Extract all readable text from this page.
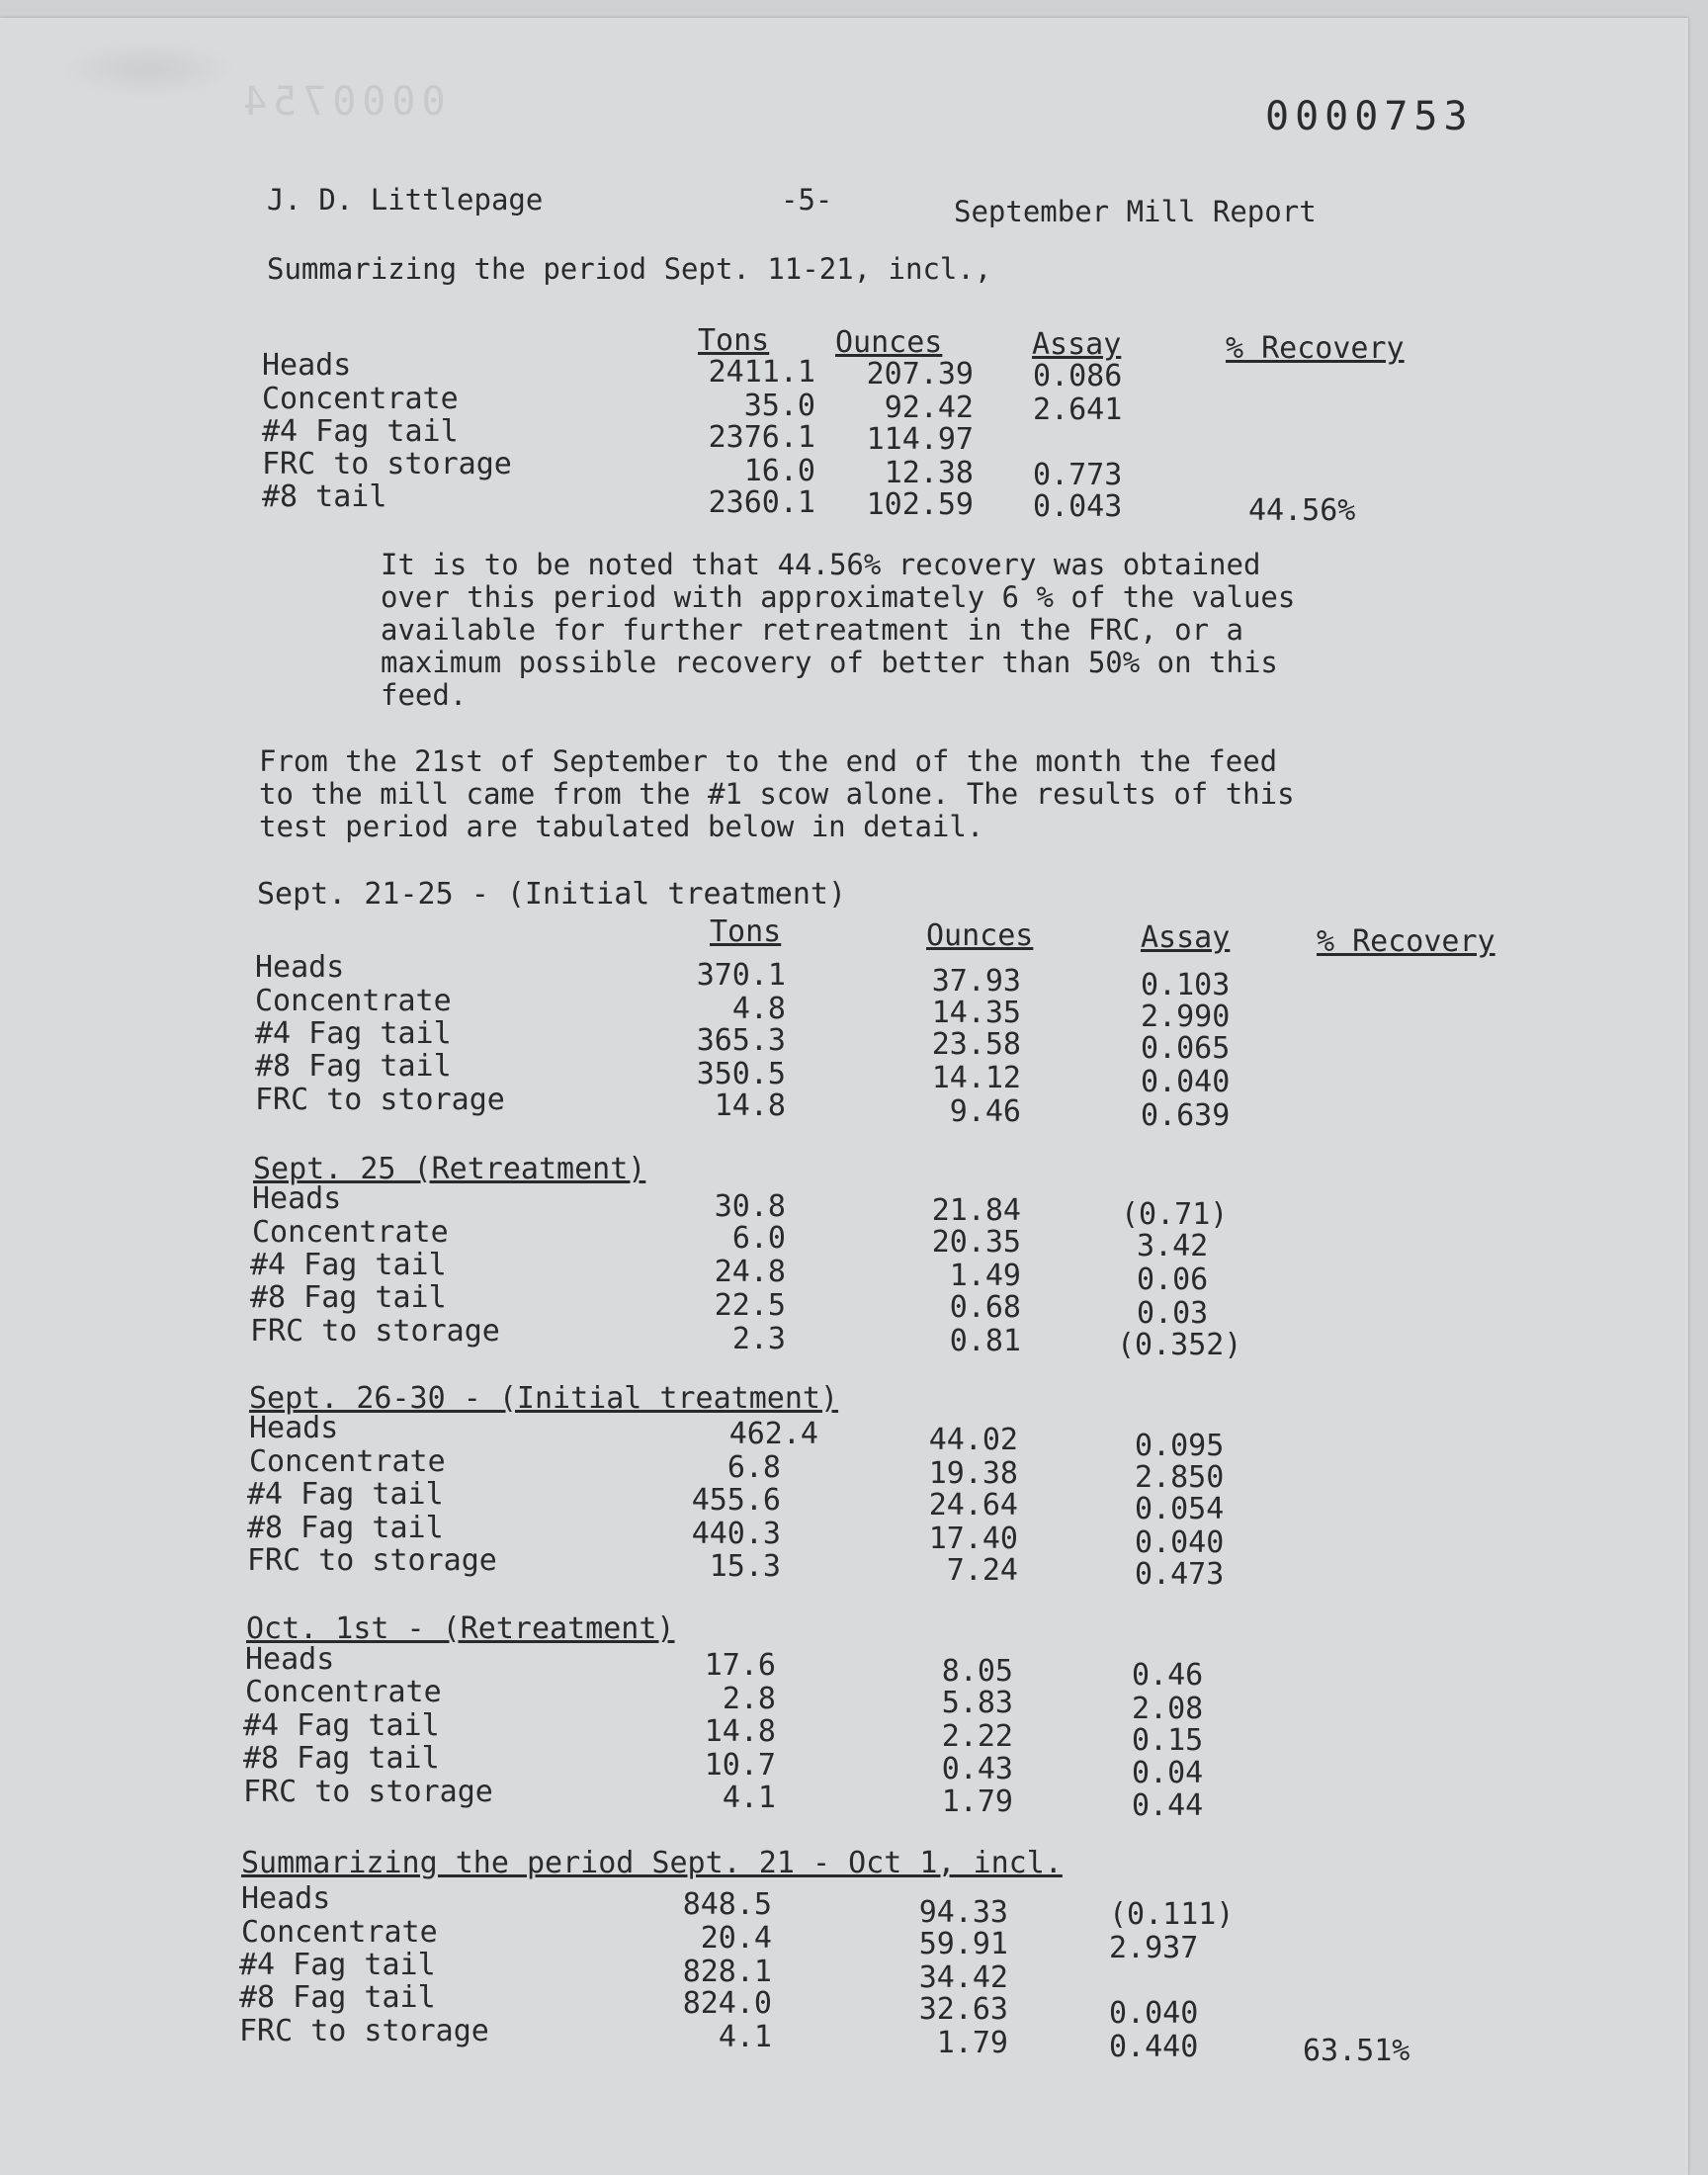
0000754	0000753
J. D. Littlepage	-5-	September Mill Report
Summarizing the period Sept. 11-21, incl.,
Tons Ounces	Assay	% Recovery
Heads	2411.1	207.39 0.086
Concentrate	35.0	92.42 2.641
#4 Fag tail	2376.1	114.97
FRC to storage	16.0	12.38 0.773
#8 tail	2360.1	102.59 0.043	44.56%
It is to be noted that 44.56% recovery was obtained
over this period with approximately 6 % of the values
available for further retreatment in the FRC, or a
maximum possible recovery of better than 50% on this
feed.
From the 21st of September to the end of the month the feed
to the mill came from the #1 scow alone. The results of this
test period are tabulated below in detail.
Sept. 21-25 - (Initial treatment)
Tons	Ounces	Assay	% Recovery
Heads	370.1	37.93	0.103
Concentrate	4.8	14.35	2.990
#4 Fag tail	365.3	23.58	0.065
#8 Fag tail	350.5	14.12	0.040
FRC to storage	14.8	9.46	0.639
Sept. 25 (Retreatment)
Heads	30.8	21.84	(0.71)
Concentrate	6.0	20.35	3.42
#4 Fag tail	24.8	1.49	0.06
#8 Fag tail	22.5	0.68	0.03
FRC to storage	2.3	0.81	(0.352)
Sept. 26-30 - (Initial treatment)
Heads	462.4	44.02	0.095
Concentrate	6.8	19.38	2.850
#4 Fag tail	455.6	24.64	0.054
#8 Fag tail	440.3	17.40	0.040
FRC to storage	15.3	7.24	0.473
Oct. 1st - (Retreatment)
Heads	17.6	8.05	0.46
Concentrate	2.8	5.83	2.08
#4 Fag tail	14.8	2.22	0.15
#8 Fag tail	10.7	0.43	0.04
FRC to storage	4.1	1.79	0.44
Summarizing the period Sept. 21 - Oct 1, incl.
Heads	848.5	94.33	(0.111)
Concentrate	20.4	59.91	2.937
#4 Fag tail	828.1	34.42
#8 Fag tail	824.0	32.63	0.040
FRC to storage	4.1	1.79	0.440	63.51%
